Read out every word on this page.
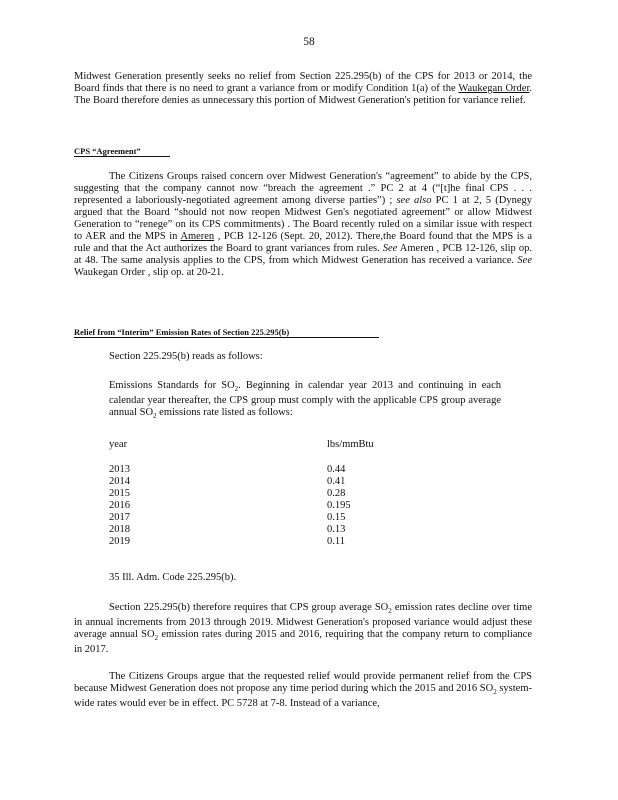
58

Midwest Generation presently seeks no relief from Section 225.295(b) of the CPS for 2013 or 2014, the Board finds that there is no need to grant a variance from or modify Condition 1(a) of the Waukegan Order. The Board therefore denies as unnecessary this portion of Midwest Generation's petition for variance relief.

CPS “Agreement”

The Citizens Groups raised concern over Midwest Generation's “agreement” to abide by the CPS, suggesting that the company cannot now “breach the agreement .” PC 2 at 4 (“[t]he final CPS . . . represented a laboriously-negotiated agreement among diverse parties”) ; see also PC 1 at 2, 5 (Dynegy argued that the Board “should not now reopen Midwest Gen's negotiated agreement” or allow Midwest Generation to “renege” on its CPS commitments) . The Board recently ruled on a similar issue with respect to AER and the MPS in Ameren , PCB 12-126 (Sept. 20, 2012). There,the Board found that the MPS is a rule and that the Act authorizes the Board to grant variances from rules. See Ameren , PCB 12-126, slip op. at 48. The same analysis applies to the CPS, from which Midwest Generation has received a variance. See Waukegan Order , slip op. at 20-21.

Relief from “Interim” Emission Rates of Section 225.295(b)
Section 225.295(b) reads as follows:

Emissions Standards for $SO_2$. Beginning in calendar year 2013 and continuing in each calendar year thereafter, the CPS group must comply with the applicable CPS group average annual $SO_2$ emissions rate listed as follows:

year	lbs/mmBtu
2013	0.44
2014	0.41
2015	0.28
2016	0.195
2017	0.15
2018	0.13
2019	0.11
35 Ill. Adm. Code 225.295(b).

Section 225.295(b) therefore requires that CPS group average $SO_2$ emission rates decline over time in annual increments from 2013 through 2019. Midwest Generation's proposed variance would adjust these average annual $SO_2$ emission rates during 2015 and 2016, requiring that the company return to compliance in 2017.

The Citizens Groups argue that the requested relief would provide permanent relief from the CPS because Midwest Generation does not propose any time period during which the 2015 and 2016 $SO_2$ system-wide rates would ever be in effect. PC 5728 at 7-8. Instead of a variance,
